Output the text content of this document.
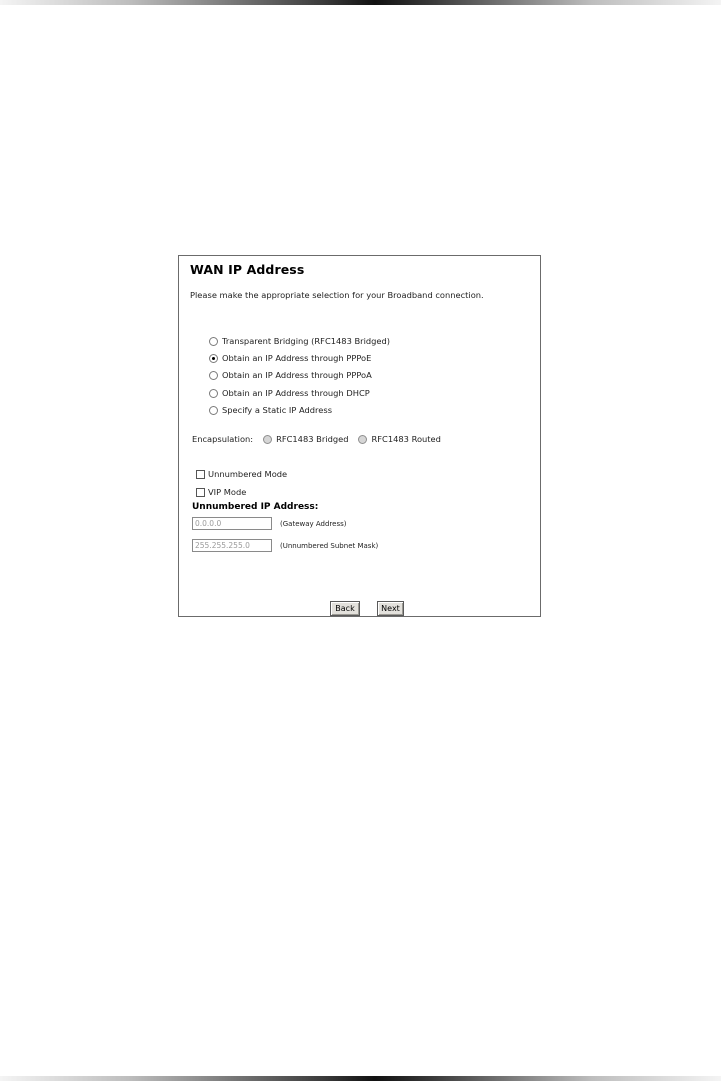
WAN IP Address
Please make the appropriate selection for your Broadband connection.
Transparent Bridging (RFC1483 Bridged)
Obtain an IP Address through PPPoE
Obtain an IP Address through PPPoA
Obtain an IP Address through DHCP
Specify a Static IP Address
Encapsulation:	RFC1483 Bridged	RFC1483 Routed
Unnumbered Mode
VIP Mode
Unnumbered IP Address:
0.0.0.0	(Gateway Address)
255.255.255.0	(Unnumbered Subnet Mask)
Back	Next
